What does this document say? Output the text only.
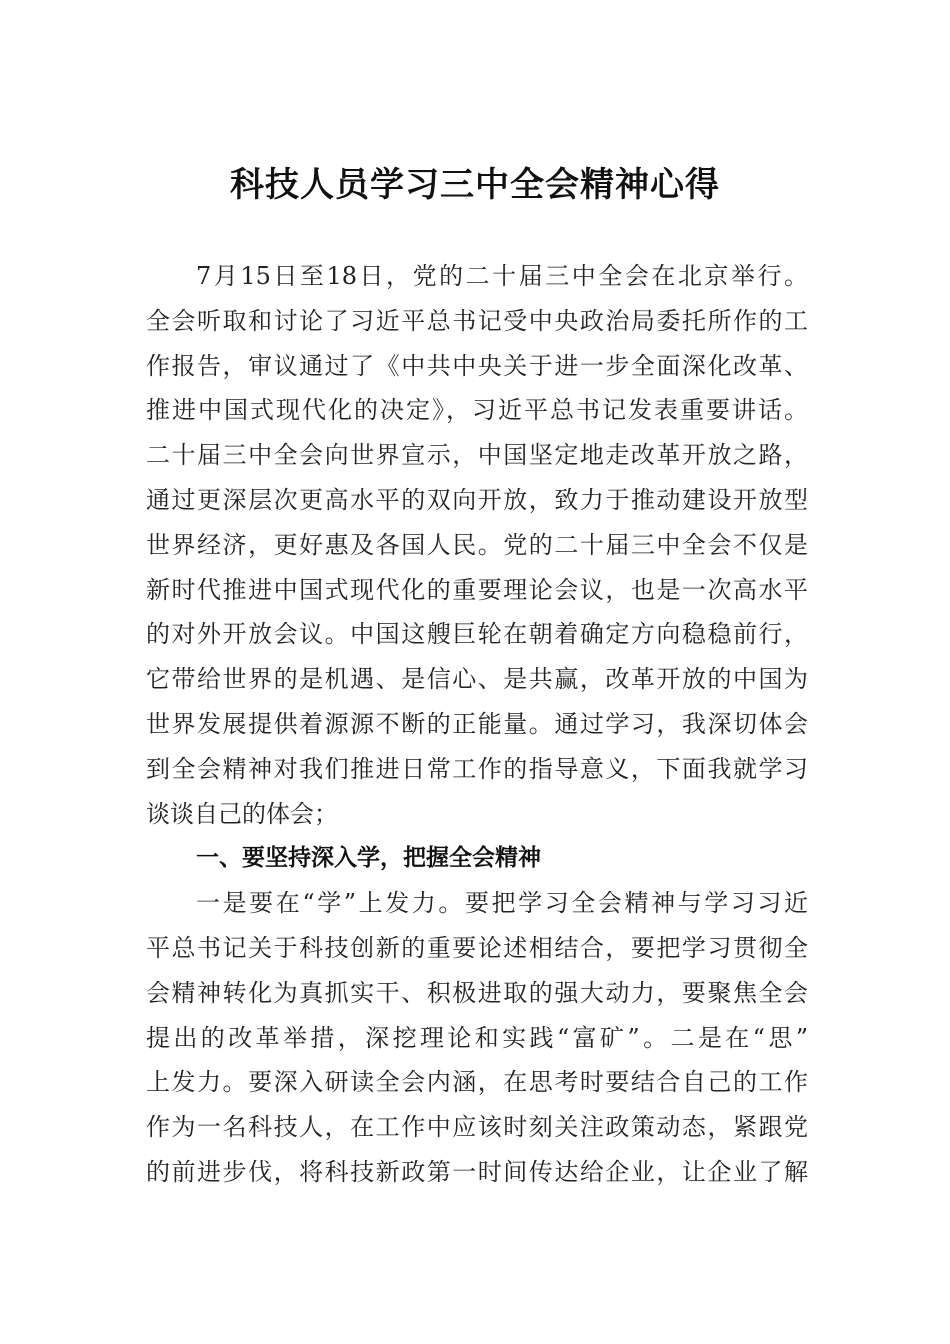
科技人员学习三中全会精神心得
7月15日至18日，党的二十届三中全会在北京举行。
全会听取和讨论了习近平总书记受中央政治局委托所作的工
作报告，审议通过了《中共中央关于进一步全面深化改革、
推进中国式现代化的决定》，习近平总书记发表重要讲话。
二十届三中全会向世界宣示，中国坚定地走改革开放之路，
通过更深层次更高水平的双向开放，致力于推动建设开放型
世界经济，更好惠及各国人民。党的二十届三中全会不仅是
新时代推进中国式现代化的重要理论会议，也是一次高水平
的对外开放会议。中国这艘巨轮在朝着确定方向稳稳前行，
它带给世界的是机遇、是信心、是共赢，改革开放的中国为
世界发展提供着源源不断的正能量。通过学习，我深切体会
到全会精神对我们推进日常工作的指导意义，下面我就学习
谈谈自己的体会；
一、要坚持深入学，把握全会精神
一是要在“学”上发力。要把学习全会精神与学习习近
平总书记关于科技创新的重要论述相结合，要把学习贯彻全
会精神转化为真抓实干、积极进取的强大动力，要聚焦全会
提出的改革举措，深挖理论和实践“富矿”。二是在“思”
上发力。要深入研读全会内涵，在思考时要结合自己的工作
作为一名科技人，在工作中应该时刻关注政策动态，紧跟党
的前进步伐，将科技新政第一时间传达给企业，让企业了解
